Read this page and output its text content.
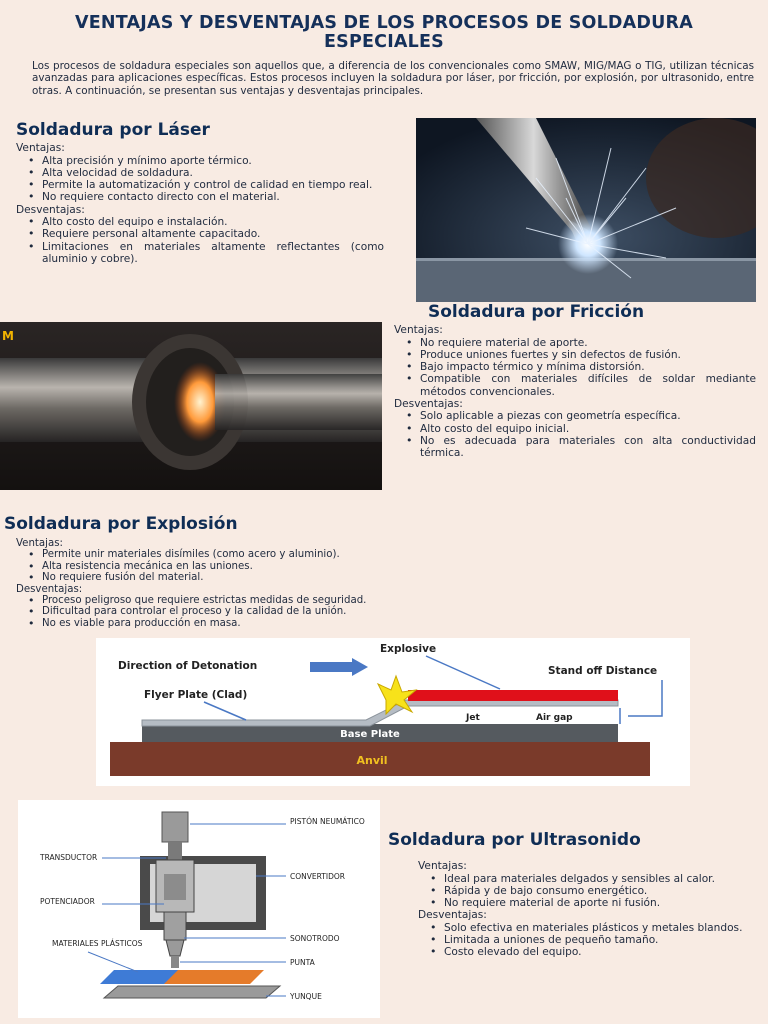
VENTAJAS Y DESVENTAJAS DE LOS PROCESOS DE SOLDADURA ESPECIALES
Los procesos de soldadura especiales son aquellos que, a diferencia de los convencionales como SMAW, MIG/MAG o TIG, utilizan técnicas avanzadas para aplicaciones específicas. Estos procesos incluyen la soldadura por láser, por fricción, por explosión, por ultrasonido, entre otras. A continuación, se presentan sus ventajas y desventajas principales.
Soldadura por Láser
Ventajas:
• Alta precisión y mínimo aporte térmico.
• Alta velocidad de soldadura.
• Permite la automatización y control de calidad en tiempo real.
• No requiere contacto directo con el material.
Desventajas:
• Alto costo del equipo e instalación.
• Requiere personal altamente capacitado.
• Limitaciones en materiales altamente reflectantes (como aluminio y cobre).
Soldadura por Fricción
Ventajas:
• No requiere material de aporte.
• Produce uniones fuertes y sin defectos de fusión.
• Bajo impacto térmico y mínima distorsión.
• Compatible con materiales difíciles de soldar mediante métodos convencionales.
Desventajas:
• Solo aplicable a piezas con geometría específica.
• Alto costo del equipo inicial.
• No es adecuada para materiales con alta conductividad térmica.
M
Soldadura por Explosión
Ventajas:
• Permite unir materiales disímiles (como acero y aluminio).
• Alta resistencia mecánica en las uniones.
• No requiere fusión del material.
Desventajas:
• Proceso peligroso que requiere estrictas medidas de seguridad.
• Dificultad para controlar el proceso y la calidad de la unión.
• No es viable para producción en masa.
Anvil
Base Plate
Jet	Air gap
Direction of Detonation
Explosive
Stand off Distance
Flyer Plate (Clad)
PISTÓN NEUMÁTICO
TRANSDUCTOR
CONVERTIDOR
POTENCIADOR
SONOTRODO
MATERIALES PLÁSTICOS
PUNTA
YUNQUE
Soldadura por Ultrasonido
Ventajas:
• Ideal para materiales delgados y sensibles al calor.
• Rápida y de bajo consumo energético.
• No requiere material de aporte ni fusión.
Desventajas:
• Solo efectiva en materiales plásticos y metales blandos.
• Limitada a uniones de pequeño tamaño.
• Costo elevado del equipo.
